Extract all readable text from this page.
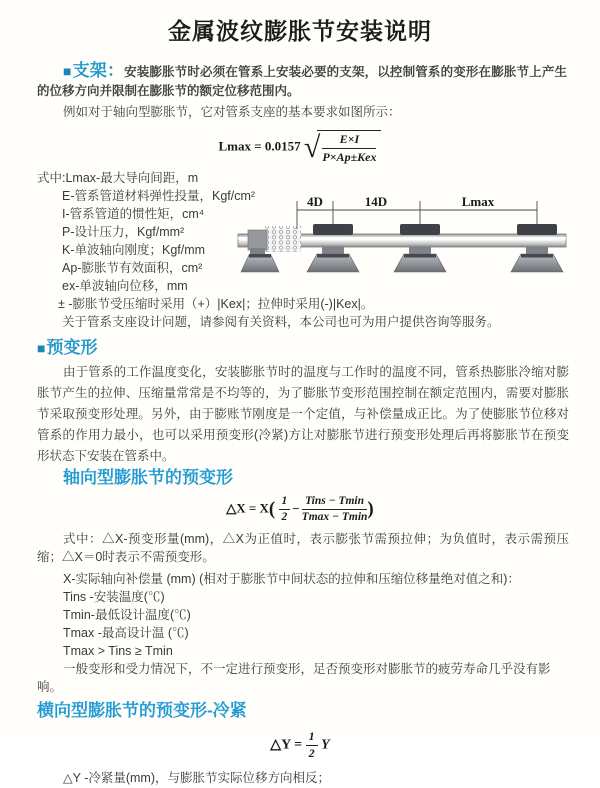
金属波纹膨胀节安装说明

■支架：安装膨胀节时必须在管系上安装必要的支架，以控制管系的变形在膨胀节上产生的位移方向并限制在膨胀节的额定位移范围内。

例如对于轴向型膨胀节，它对管系支座的基本要求如图所示：

Lmax = 0.0157 √	E×I
P×Ap±Kex
式中:Lmax-最大导向间距，m
E-管系管道材料弹性投量，Kgf/cm²
I-管系管道的惯性矩，cm⁴
P-设计压力，Kgf/mm²
K-单波轴向刚度；Kgf/mm
Ap-膨胀节有效面积，cm²
ex-单波轴向位移，mm
± -膨胀节受压缩时采用（+）|Kex|；拉伸时采用(-)|Kex|。
关于管系支座设计问题，请参阅有关资料，本公司也可为用户提供咨询等服务。
■预变形

由于管系的工作温度变化，安装膨胀节时的温度与工作时的温度不同，管系热膨胀冷缩对膨胀节产生的拉伸、压缩量常常是不均等的，为了膨胀节变形范围控制在额定范围内，需要对膨胀节采取预变形处理。另外，由于膨账节刚度是一个定值，与补偿量成正比。为了使膨胀节位移对管系的作用力最小，也可以采用预变形(冷紧)方让对膨胀节进行预变形处理后再将膨胀节在预变形状态下安装在管系中。

轴向型膨胀节的预变形
△X = $X( \frac{1}{2} - \frac{\text{Tins − Tmin}}{Tmax - Tmin}$ )

式中：△X-预变形量(mm)，△X为正值时，表示膨张节需预拉伸；为负值时，表示需预压缩；△X＝0时表示不需预变形。

X-实际轴向补偿量 (mm) (相对于膨胀节中间状态的拉伸和压缩位移量绝对值之和)：
Tins -安装温度(℃)
Tmin-最低设计温度(℃)
Tmax -最高设计温 (℃)
Tmax > Tins ≥ Tmin

一般变形和受力情况下，不一定进行预变形，足否预变形对膨胀节的疲劳寿命几乎没有影响。

横向型膨胀节的预变形-冷紧
△Y = $\frac{1}{2}$ Y

△Y -冷紧量(mm)，与膨胀节实际位移方向相反；

4D	14D	Lmax
